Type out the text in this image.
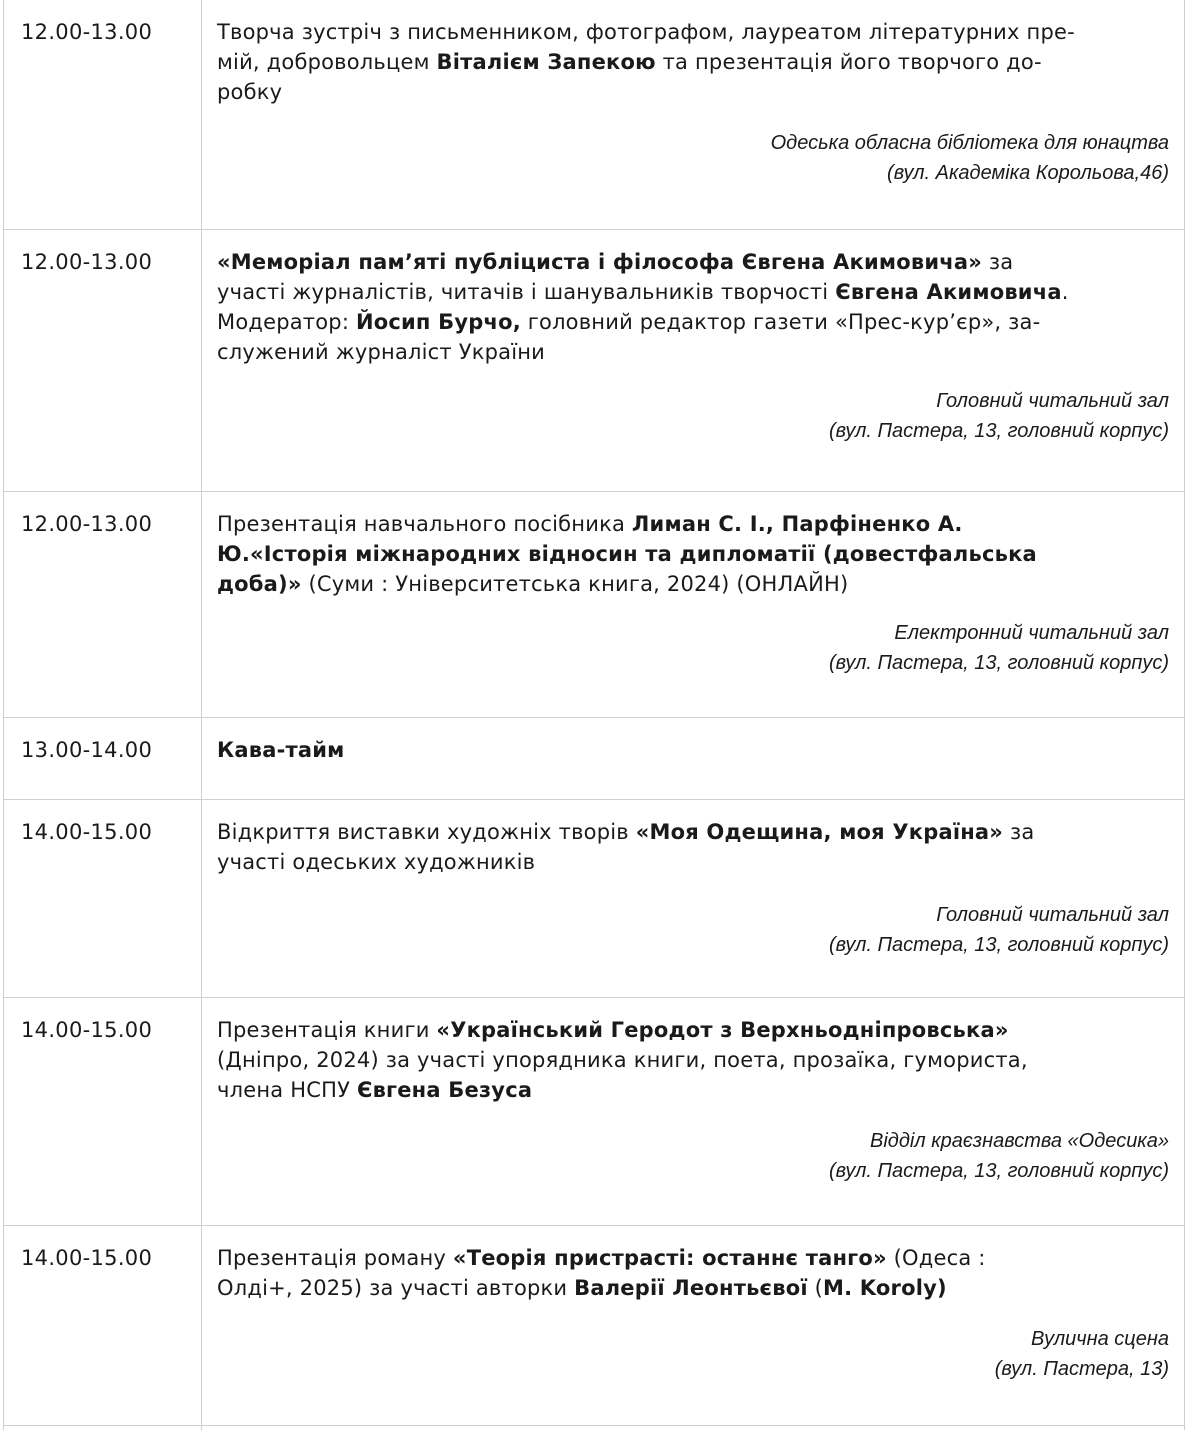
12.00-13.00	Творча зустріч з письменником, фотографом, лауреатом літературних пре-
мій, добровольцем Віталієм Запекою та презентація його творчого до-
робку
Одеська обласна бібліотека для юнацтва
(вул. Академіка Корольова,46)
12.00-13.00	«Меморіал пам’яті публіциста і філософа Євгена Акимовича» за
участі журналістів, читачів і шанувальників творчості Євгена Акимовича.
Модератор: Йосип Бурчо, головний редактор газети «Прес-кур’єр», за-
служений журналіст України
Головний читальний зал
(вул. Пастера, 13, головний корпус)
12.00-13.00	Презентація навчального посібника Лиман С. І., Парфіненко А.
Ю.«Історія міжнародних відносин та дипломатії (довестфальська
доба)» (Суми : Університетська книга, 2024) (ОНЛАЙН)
Електронний читальний зал
(вул. Пастера, 13, головний корпус)
13.00-14.00	Кава-тайм
14.00-15.00	Відкриття виставки художніх творів «Моя Одещина, моя Україна» за
участі одеських художників
Головний читальний зал
(вул. Пастера, 13, головний корпус)
14.00-15.00	Презентація книги «Український Геродот з Верхньодніпровська»
(Дніпро, 2024) за участі упорядника книги, поета, прозаїка, гумориста,
члена НСПУ Євгена Безуса
Відділ краєзнавства «Одесика»
(вул. Пастера, 13, головний корпус)
14.00-15.00	Презентація роману «Теорія пристрасті: останнє танго» (Одеса :
Олді+, 2025) за участі авторки Валерії Леонтьєвої (M. Koroly)
Вулична сцена
(вул. Пастера, 13)
